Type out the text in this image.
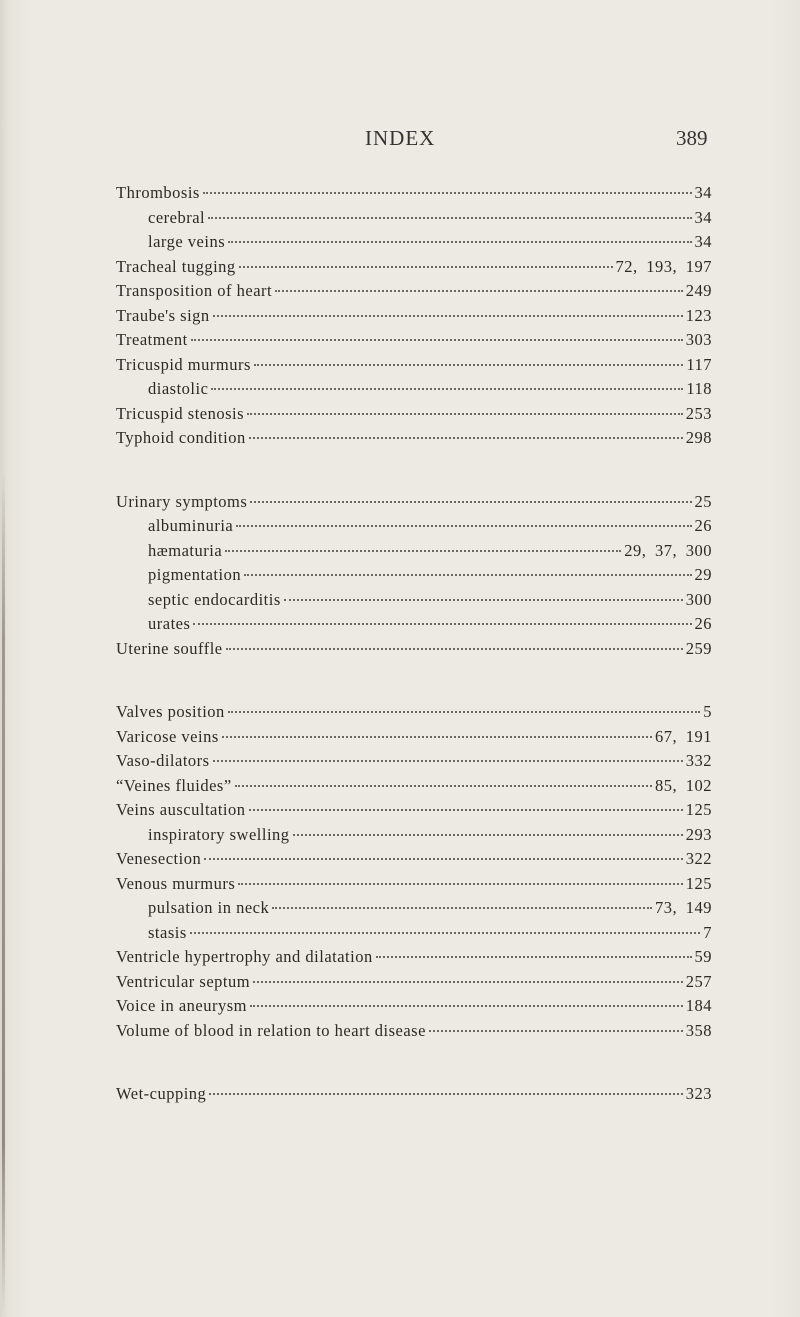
INDEX	389
Thrombosis	34
cerebral	34
large veins	34
Tracheal tugging	72, 193, 197
Transposition of heart	249
Traube's sign	123
Treatment	303
Tricuspid murmurs	117
diastolic	118
Tricuspid stenosis	253
Typhoid condition	298
Urinary symptoms	25
albuminuria	26
hæmaturia	29, 37, 300
pigmentation	29
septic endocarditis	300
urates	26
Uterine souffle	259
Valves position	5
Varicose veins	67, 191
Vaso-dilators	332
“Veines fluides”	85, 102
Veins auscultation	125
inspiratory swelling	293
Venesection	322
Venous murmurs	125
pulsation in neck	73, 149
stasis	7
Ventricle hypertrophy and dilatation	59
Ventricular septum	257
Voice in aneurysm	184
Volume of blood in relation to heart disease	358
Wet-cupping	323
